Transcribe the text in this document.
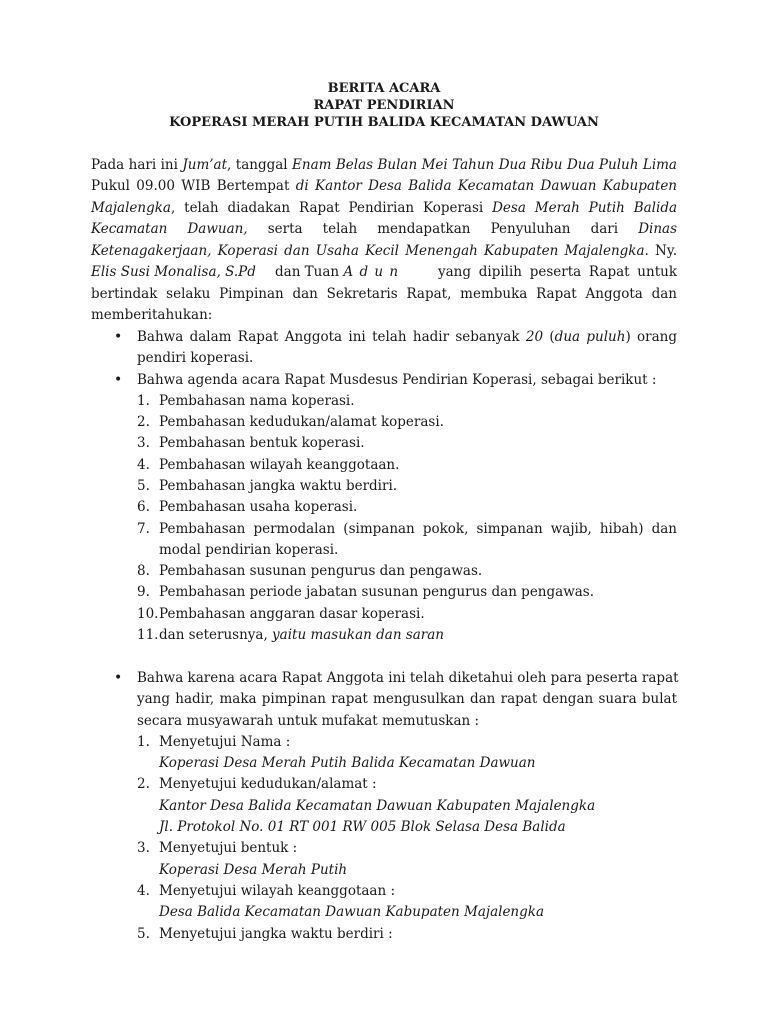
BERITA ACARA
RAPAT PENDIRIAN
KOPERASI MERAH PUTIH BALIDA KECAMATAN DAWUAN
Pada hari ini Jum’at, tanggal Enam Belas Bulan Mei Tahun Dua Ribu Dua Puluh Lima
Pukul 09.00 WIB Bertempat di Kantor Desa Balida Kecamatan Dawuan Kabupaten
Majalengka, telah diadakan Rapat Pendirian Koperasi Desa Merah Putih Balida
Kecamatan Dawuan, serta telah mendapatkan Penyuluhan dari Dinas
Ketenagakerjaan, Koperasi dan Usaha Kecil Menengah Kabupaten Majalengka. Ny.
Elis Susi Monalisa, S.Pd dan Tuan A d u n	yang dipilih peserta Rapat untuk
bertindak selaku Pimpinan dan Sekretaris Rapat, membuka Rapat Anggota dan
memberitahukan:
• Bahwa dalam Rapat Anggota ini telah hadir sebanyak 20 (dua puluh) orang
pendiri koperasi.
• Bahwa agenda acara Rapat Musdesus Pendirian Koperasi, sebagai berikut :
1. Pembahasan nama koperasi.
2. Pembahasan kedudukan/alamat koperasi.
3. Pembahasan bentuk koperasi.
4. Pembahasan wilayah keanggotaan.
5. Pembahasan jangka waktu berdiri.
6. Pembahasan usaha koperasi.
7. Pembahasan permodalan (simpanan pokok, simpanan wajib, hibah) dan
modal pendirian koperasi.
8. Pembahasan susunan pengurus dan pengawas.
9. Pembahasan periode jabatan susunan pengurus dan pengawas.
10. Pembahasan anggaran dasar koperasi.
11. dan seterusnya, yaitu masukan dan saran
• Bahwa karena acara Rapat Anggota ini telah diketahui oleh para peserta rapat
yang hadir, maka pimpinan rapat mengusulkan dan rapat dengan suara bulat
secara musyawarah untuk mufakat memutuskan :
1. Menyetujui Nama :
Koperasi Desa Merah Putih Balida Kecamatan Dawuan
2. Menyetujui kedudukan/alamat :
Kantor Desa Balida Kecamatan Dawuan Kabupaten Majalengka
Jl. Protokol No. 01 RT 001 RW 005 Blok Selasa Desa Balida
3. Menyetujui bentuk :
Koperasi Desa Merah Putih
4. Menyetujui wilayah keanggotaan :
Desa Balida Kecamatan Dawuan Kabupaten Majalengka
5. Menyetujui jangka waktu berdiri :
